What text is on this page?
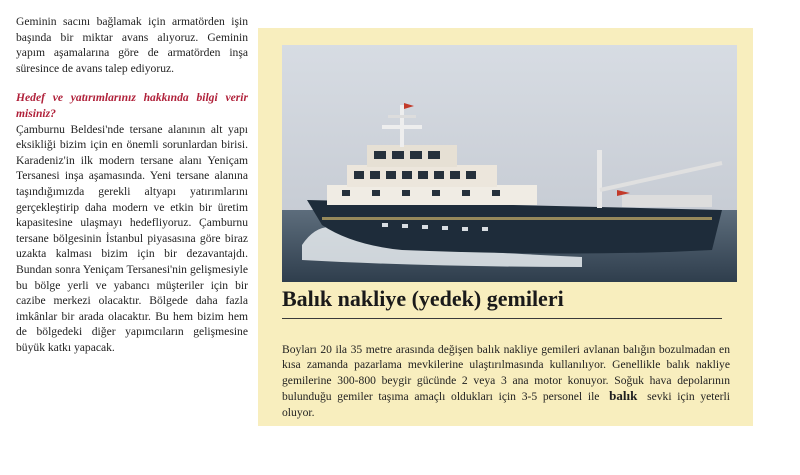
Geminin sacını bağlamak için armatörden işin başında bir miktar avans alıyoruz. Geminin yapım aşamalarına göre de armatörden inşa süresince de avans talep ediyoruz.

Hedef ve yatırımlarınız hakkında bilgi verir misiniz?

Çamburnu Beldesi'nde tersane alanının alt yapı eksikliği bizim için en önemli sorunlardan birisi. Karadeniz'in ilk modern tersane alanı Yeniçam Tersanesi inşa aşamasında. Yeni tersane alanına taşındığımızda gerekli altyapı yatırımlarını gerçekleştirip daha modern ve etkin bir üretim kapasitesine ulaşmayı hedefliyoruz. Çamburnu tersane bölgesinin İstanbul piyasasına göre biraz uzakta kalması bizim için bir dezavantajdı. Bundan sonra Yeniçam Tersanesi'nin gelişmesiyle bu bölge yerli ve yabancı müşteriler için bir cazibe merkezi olacaktır. Bölgede daha fazla imkânlar bir arada olacaktır. Bu hem bizim hem de bölgedeki diğer yapımcıların gelişmesine büyük katkı yapacak.

Balık nakliye (yedek) gemileri

Boyları 20 ila 35 metre arasında değişen balık nakliye gemileri avlanan balığın bozulmadan en kısa zamanda pazarlama mevkilerine ulaştırılmasında kullanılıyor. Genellikle balık nakliye gemilerine 300-800 beygir gücünde 2 veya 3 ana motor konuyor. Soğuk hava depolarının bulunduğu gemiler taşıma amaçlı oldukları için 3-5 personel ile balık sevki için yeterli oluyor.
